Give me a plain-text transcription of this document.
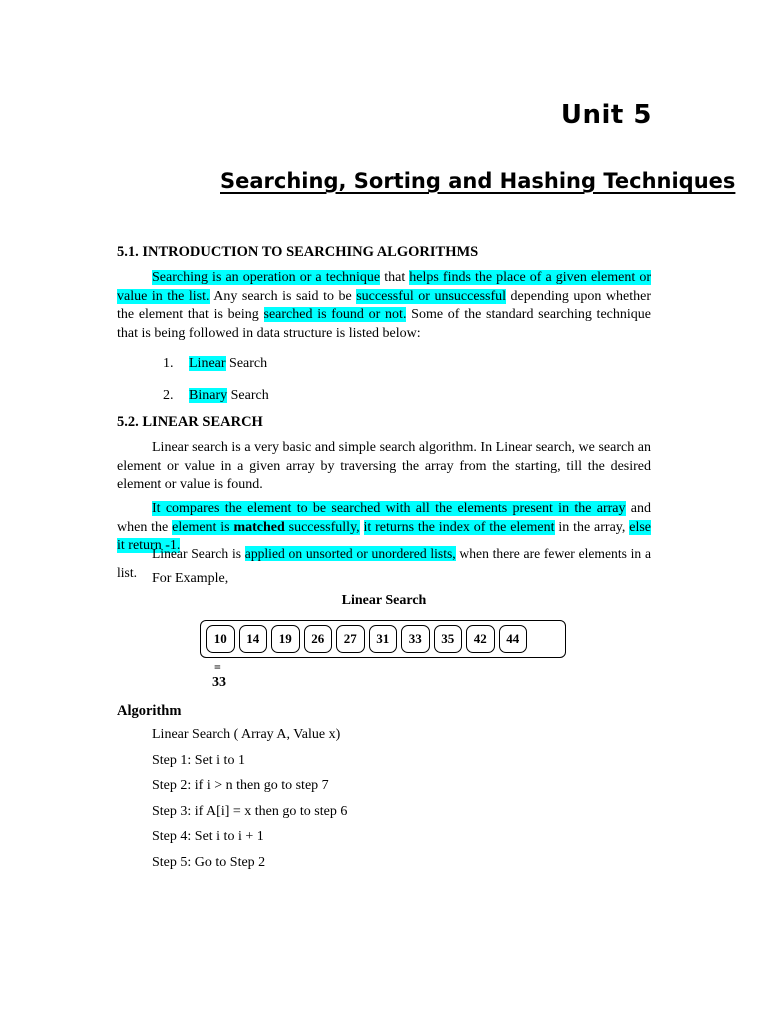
Unit 5
Searching, Sorting and Hashing Techniques
5.1. INTRODUCTION TO SEARCHING ALGORITHMS
Searching is an operation or a technique that helps finds the place of a given element or value in the list. Any search is said to be successful or unsuccessful depending upon whether the element that is being searched is found or not. Some of the standard searching technique that is being followed in data structure is listed below:
1. Linear Search
2. Binary Search
5.2. LINEAR SEARCH
Linear search is a very basic and simple search algorithm. In Linear search, we search an element or value in a given array by traversing the array from the starting, till the desired element or value is found.
It compares the element to be searched with all the elements present in the array and when the element is matched successfully, it returns the index of the element in the array, else it return -1.
Linear Search is applied on unsorted or unordered lists, when there are fewer elements in a list.	For Example,
Linear Search
10	14	19	26	27	31	33	35	42	44
=
33
Algorithm
Linear Search ( Array A, Value x)
Step 1: Set i to 1
Step 2: if i > n then go to step 7
Step 3: if A[i] = x then go to step 6
Step 4: Set i to i + 1
Step 5: Go to Step 2
